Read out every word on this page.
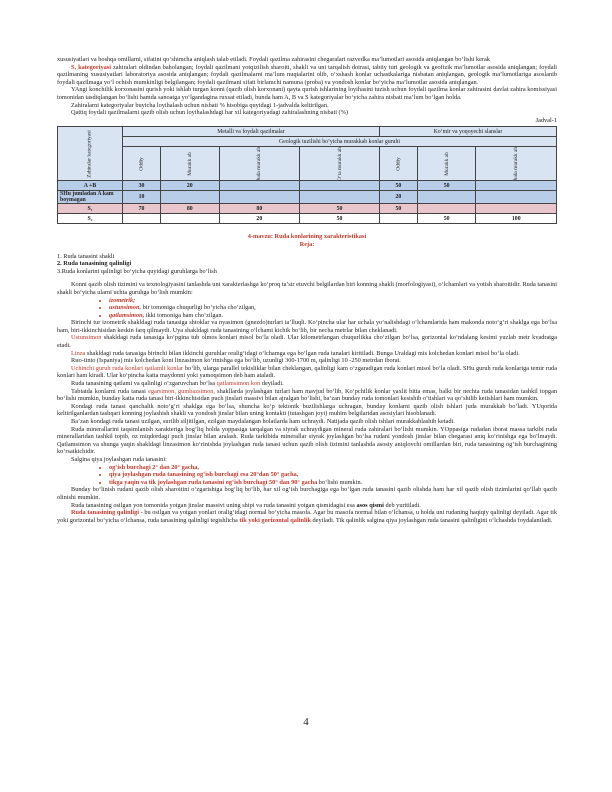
xususiyatlari va boshqa omillarni, sifatini qo‘shimcha aniqlash talab etiladi. Foydali qazilma zahirasini chegaralari razvedka ma’lumotlari asosida aniqlangan bo‘lishi kerak

S, kategoriyasi zahiralari oldindan baholangan; foydali qazilmani yotqizilish sharoiti, shakli va uni tarqalish doirasi, tabiiy turi geologik va geofizik ma’lumotlar asosida aniqlangan; foydali qazilmaning xususiyatlari laboratoriya asosida aniqlangan; foydali qazilmalarni ma’lum nuqtalarini olib, o‘xshash konlar uchastkalariga nisbatan aniqlangan, geologik ma’lumotlariga asoslanib foydali qazilmaga yo‘l ochish mumkinligi belgilangan; foydali qazilmani sifati birlamchi namuna (proba) va yondosh konlar bo‘yicha ma’lumotlar asosida aniqlangan.

YAngi konchilik korxonasini qurish yoki ishlab turgan konni (qazib olish korxonani) qayta qurish ishlarining loyihasini tuzish uchun foydali qazilma konlar zahirasini davlat zahira komissiyasi tomonidan tasdiqlangan bo‘lishi hamda sanoatga yo‘lgandagina ruxsat etiladi, bunda ham A, B va S kategoriyalar bo‘yicha zahira nisbati ma’lum bo‘lgan holda.

Zahiralarni kategoriyalar buyicha loyihalash uchun nisbati % hisobiga quyidagi 1-jadvalda keltirilgan.

Qattiq foydali qazilmalarni qazib olish uchun loyihalashdagi har xil kategoriyadagi zahiralashning nisbati (%)

Jadval-1

Zahiralar kategoriyasi	Metalli va foydali qazilmalar				Ko‘mir va yoqoyechi slanslar		
	Geologik tuzilishi bo‘yicha murakkab konlar guruhi						
	Oddiy	Murakk ab	Juda murakk ab	O‘ta murakk ab	Oddiy	Murakk ab	Juda murakk ab
A +B	30	20			50	50	
SHu jumladan A kam boymagan	10				20		
S₁	70	80	80	50	50		
S₂			20	50		50	100

4-mavzu: Ruda konlarining xarakteristikasi

Reja:

1. Ruda tanasini shakli

2. Ruda tanasining qalinligi

3.Ruda konlarini qalinligi bo‘yicha quyidagi guruhlarga bo‘lish

Konni qazib olish tizimini va texnologiyasini tanlashda uni xarakterlashga ko‘proq ta’sir etuvchi belgilardan biri konning shakli (morfologiyasi), o‘lchamlari va yotish sharoitidir. Ruda tanasini shakli bo‘yicha ularni uchta guruhga bo‘lish mumkin:

• izometrik;
• ustunsimon, bir tomoniga chuqurligi bo‘yicha cho‘zilgan,
• qatlamsimon, ikki tomoniga ham cho‘zilgan.

Birinchi tur izometrik shakldagi ruda tanasiga shtoklar va nyasimon (gnezdo)turlari ta’lluqli. Ko‘pincha ular har uchala yo‘nalishdagi o‘lchamlarida ham makonda noto‘g‘ri shaklga ega bo‘lsa ham, biri-ikkinchisidan keskin farq qilmaydi. Uya shakldagi ruda tanasining o‘lchami kichik bo‘lib, bir necha metrlar bilan cheklanadi.

Ustunsimon shakldagi ruda tanasiga ko‘pgina tub olmos konlari misol bo‘la oladi. Ular kilometrlangan chuqurlikka cho‘zilgan bo‘lsa, gorizontal ko‘ndalang kesimi yuzlab metr kvadratga etadi.

Linza shakldagi ruda tanasiga birinchi bilan ikkinchi guruhlar oralig‘idagi o‘lchamga ega bo‘lgan ruda tanalari kiritiladi. Bunga Uraldagi mis kolchedan konlari misol bo‘la oladi.

Rио-tinto (Ispaniya) mis kolchedan koni linzasimon ko‘rinishga ega bo‘lib, uzunligi 300-1700 m, qalinligi 10 -250 metrdan iborat.

Uchinchi guruh ruda konlari qatlamli konlar bo‘lib, ularga parallel tekisliklar bilan cheklangan, qalinligi kam o‘zgaradigan ruda konlari misol bo‘la oladi. SHu guruh ruda konlariga temir ruda konlari ham kiradi. Ular ko‘pincha katta maydonni yoki yamoqsimon deb ham ataladi.

Ruda tanasining qatlami va qalinligi o‘zgaruvchan bo‘lsa qatlamsimon kon deyiladi.

Tabiatda konlarni ruda tanasi egarsimon, gumbazsimon, shakllarda joylashgan turlari ham mavjud bo‘lib, Ko‘pchilik konlar yaxlit bitta emas, balki bir nechta ruda tanasidan tashkil topgan bo‘lishi mumkin, bunday katta ruda tanasi biri-ikkinchisidan puch jinslari massivi bilan ajralgan bo‘lishi, ba’zan bunday ruda tomonlari kesishib o‘tishlari va qo‘shilib ketishlari ham mumkin.

Kondagi ruda tanasi qanchalik noto‘g‘ri shaklga ega bo‘lsa, shuncha ko‘p tektonik buzilishlarga uchragan, bunday konlarni qazib olish ishlari juda murakkab bo‘ladi. YUqorida keltirilganlardan tashqari konning joylashish shakli va yondosh jinslar bilan uning kontakti (tutashgan joyi) muhim belgilaridan asosiylari hisoblanadi.

Ba’zan kondagi ruda tanasi uzilgan, surilib siljitilgan, ezilgan maydalangan holatlarda ham uchraydi. Natijada qazib olish ishlari murakkablashib ketadi.

Ruda minerallarini taqsimlanish xarakteriga bog‘liq holda yoppasiga tarqalgan va siyrak uchraydigan mineral ruda zahiralari bo‘lishi mumkin. YOppasiga rudadan iborat massa tarkibi ruda minerallaridan tashkil topib, oz miqdordagi puch jinslar bilan aralash. Ruda tarkibida minerallar siyrak joylashgan bo‘lsa rudani yondosh jinslar bilan chegarasi aniq ko‘rinishga ega bo‘lmaydi. Qatlamsimon va shunga yaqin shakldagi linzasimon ko‘rinishda joylashgan ruda tanasi uchun qazib olish tizimini tanlashda asosiy aniqlovchi omillardan biri, ruda tanasining og‘ish burchagining ko‘rsatkichidir.

Salgina qiya joylashgan ruda tanasini:

• og‘ish burchagi 2° dan 20° gacha,
• qiya joylashgan ruda tanasining og‘ish burchagi esa 20°dan 50° gacha,
• tikga yaqin va tik joylashgan ruda tanasini og‘ish burchagi 50° dan 90° gacha bo‘lishi mumkin.

Bunday bo‘linish rudani qazib olish sharoitini o‘zgarishiga bog‘liq bo‘lib, har xil og‘ish burchagiga ega bo‘lgan ruda tanasini qazib olishda ham har xil qazib olish tizimlarini qo‘llab qazib olinishi mumkin.

Ruda tanasining osilgan yon tomonida yotgan jinslar massivi uning shipi va ruda tanasini yotgan qismidagisi esa asos qismi deb yuritiladi.

Ruda tanasining qalinligi - bu osilgan va yotgan yonlari oralig‘idagi normal bo‘yicha masofa. Agar bu masofa normal bilan o‘lchansa, u holda uni rudaning haqiqiy qalinligi deyiladi. Agar tik yoki gorizontal bo‘yicha o‘lchansa, ruda tanasining qalinligi tegishlicha tik yoki gorizontal qalinlik deyiladi. Tik qalinlik salgina qiya joylashgan ruda tanasini qalinligini o‘lchashda foydalaniladi.

4
